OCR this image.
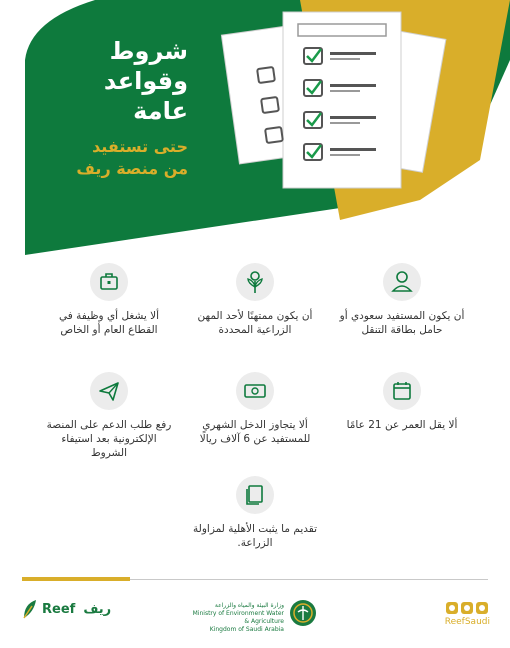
شروط
وقواعد
عامة
حتى تستفيد
من منصة ريف
أن يكون المستفيد سعودي أو حامل بطاقة التنقل
أن يكون ممتهنًا لأحد المهن الزراعية المحددة
ألا يشغل أي وظيفة في القطاع العام أو الخاص
ألا يقل العمر عن 21 عامًا
ألا يتجاوز الدخل الشهري للمستفيد عن 6 آلاف ريالًا
رفع طلب الدعم على المنصة الإلكترونية بعد استيفاء الشروط
تقديم ما يثبت الأهلية لمزاولة الزراعة.
Reef ريف	وزارة البيئة والمياه والزراعة
Ministry of Environment Water & Agriculture
Kingdom of Saudi Arabia
ReefSaudi
